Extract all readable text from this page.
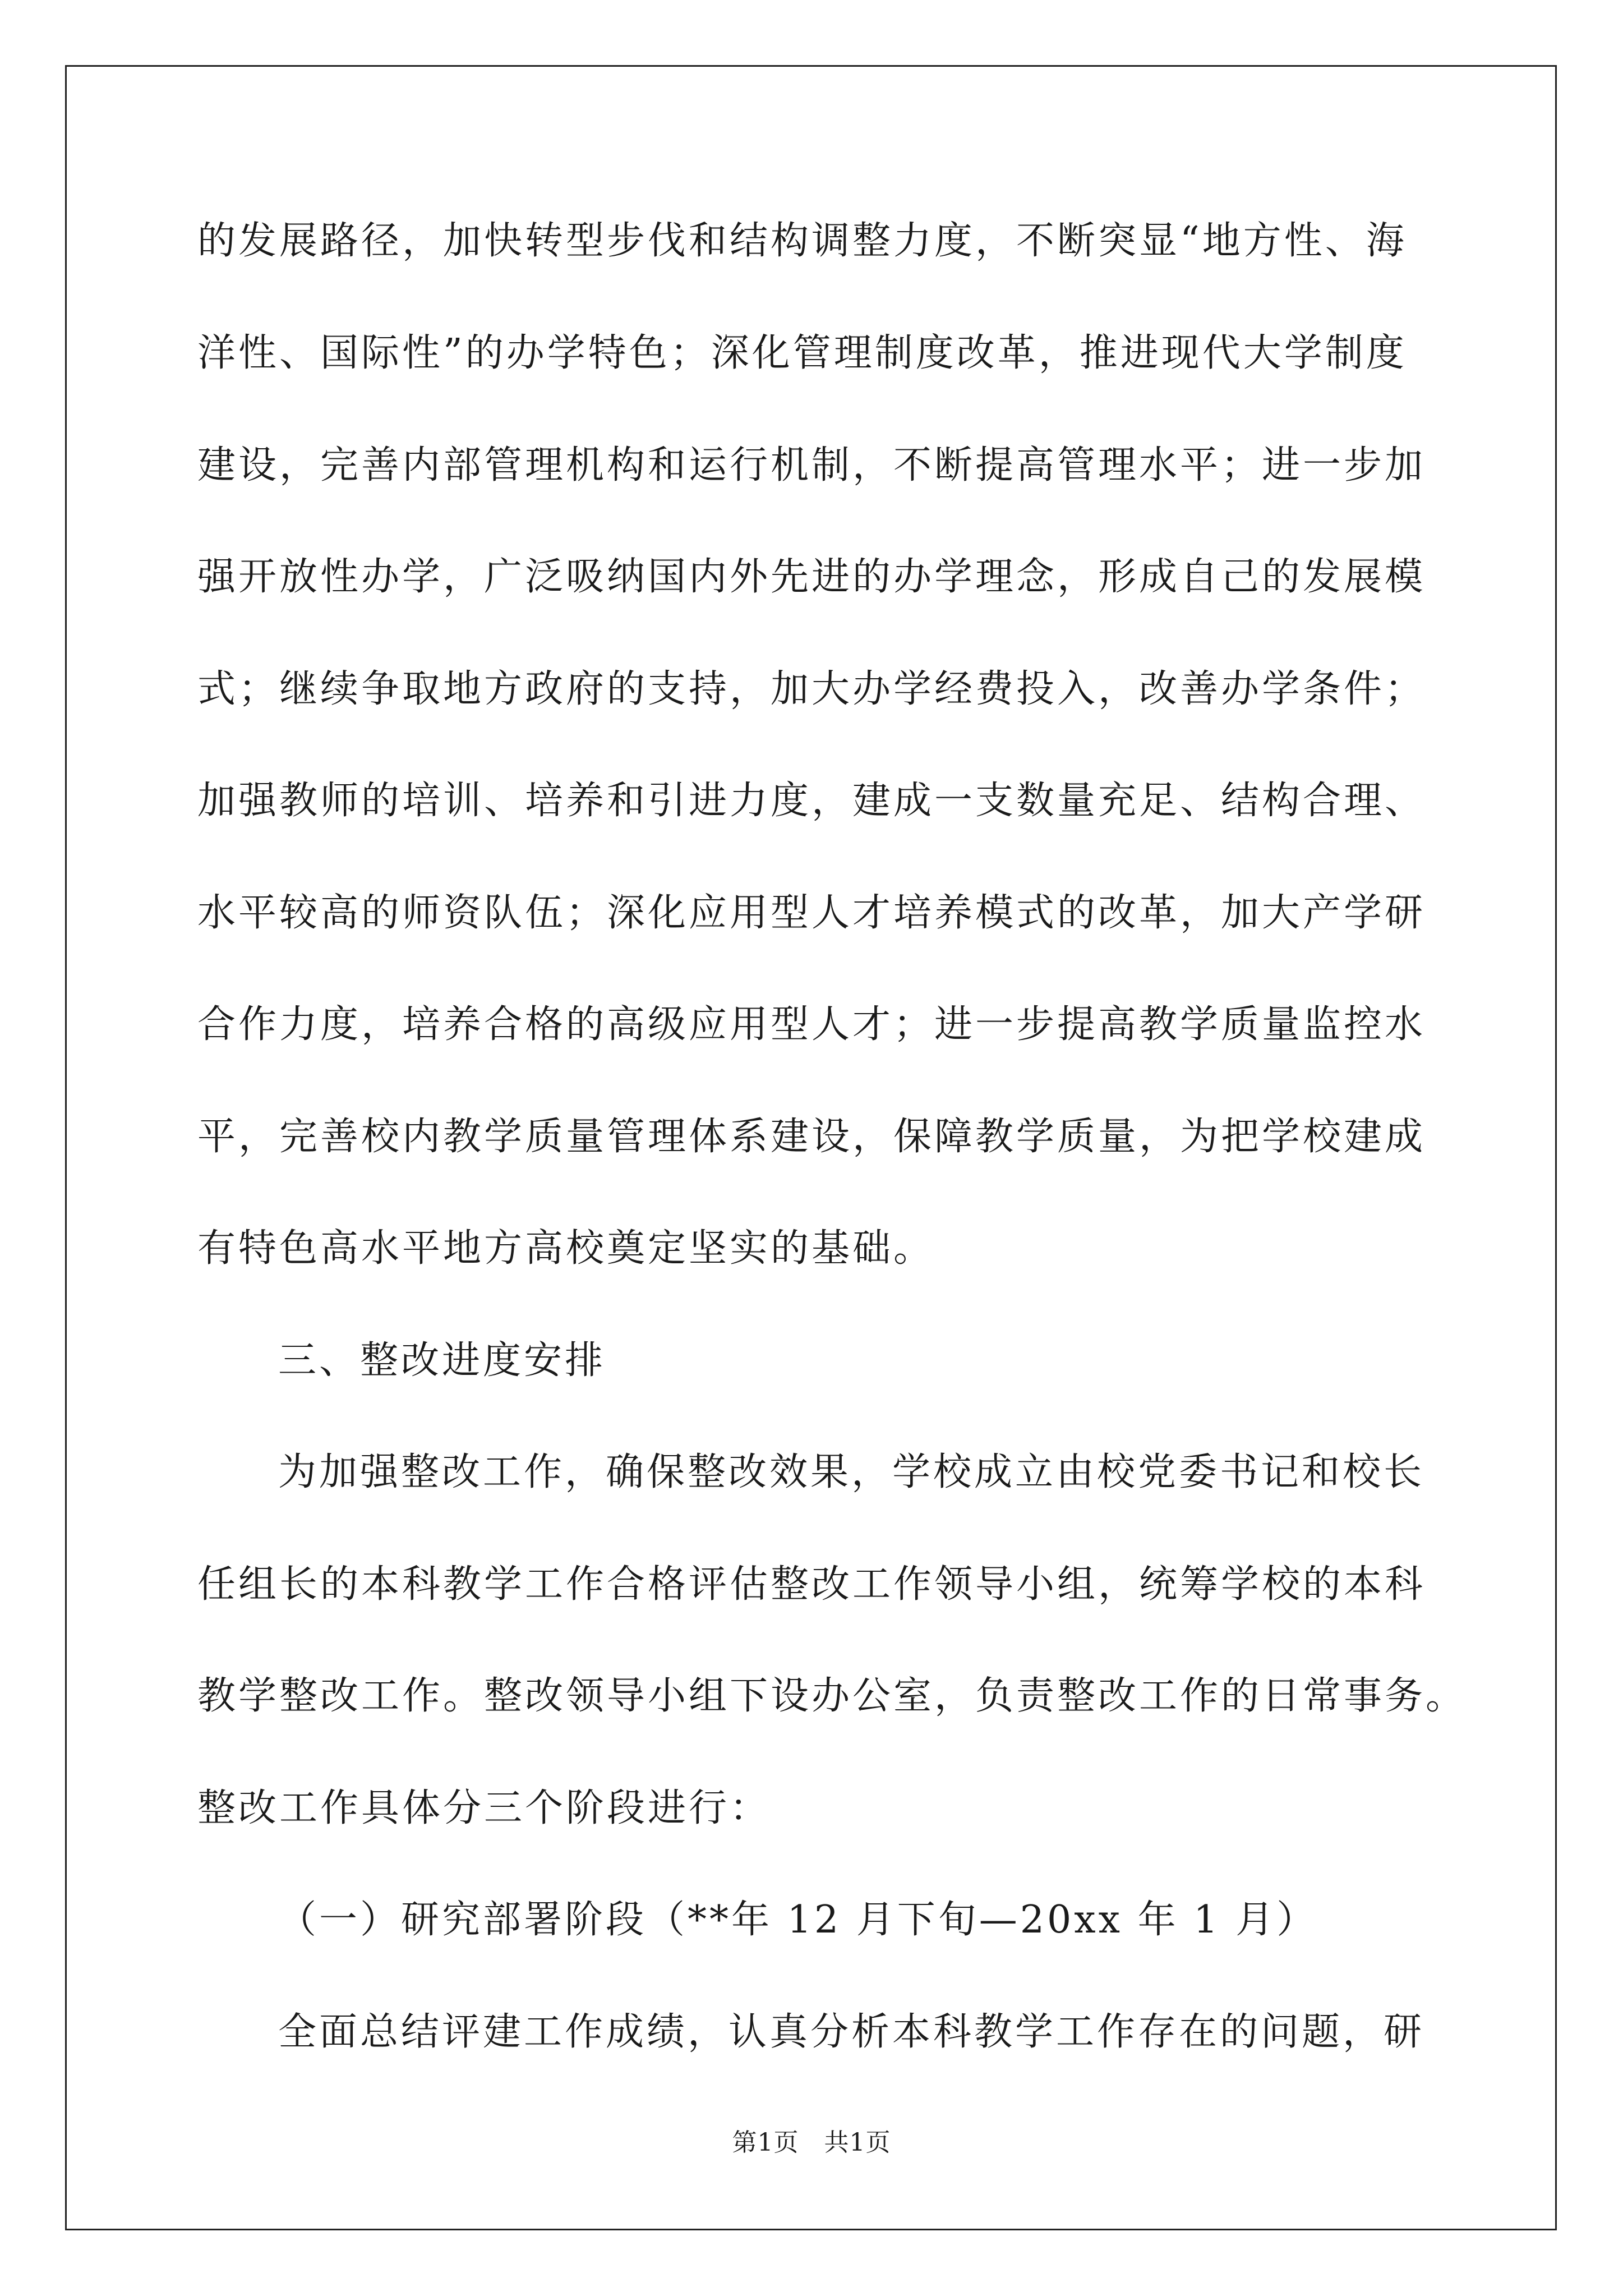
的发展路径，加快转型步伐和结构调整力度，不断突显“地方性、海
洋性、国际性”的办学特色；深化管理制度改革，推进现代大学制度
建设，完善内部管理机构和运行机制，不断提高管理水平；进一步加
强开放性办学，广泛吸纳国内外先进的办学理念，形成自己的发展模
式；继续争取地方政府的支持，加大办学经费投入，改善办学条件；
加强教师的培训、培养和引进力度，建成一支数量充足、结构合理、
水平较高的师资队伍；深化应用型人才培养模式的改革，加大产学研
合作力度，培养合格的高级应用型人才；进一步提高教学质量监控水
平，完善校内教学质量管理体系建设，保障教学质量，为把学校建成
有特色高水平地方高校奠定坚实的基础。
三、整改进度安排
为加强整改工作，确保整改效果，学校成立由校党委书记和校长
任组长的本科教学工作合格评估整改工作领导小组，统筹学校的本科
教学整改工作。整改领导小组下设办公室，负责整改工作的日常事务。
整改工作具体分三个阶段进行：
（一）研究部署阶段（**年 12 月下旬—20xx 年 1 月）
全面总结评建工作成绩，认真分析本科教学工作存在的问题，研
第1页　共1页
